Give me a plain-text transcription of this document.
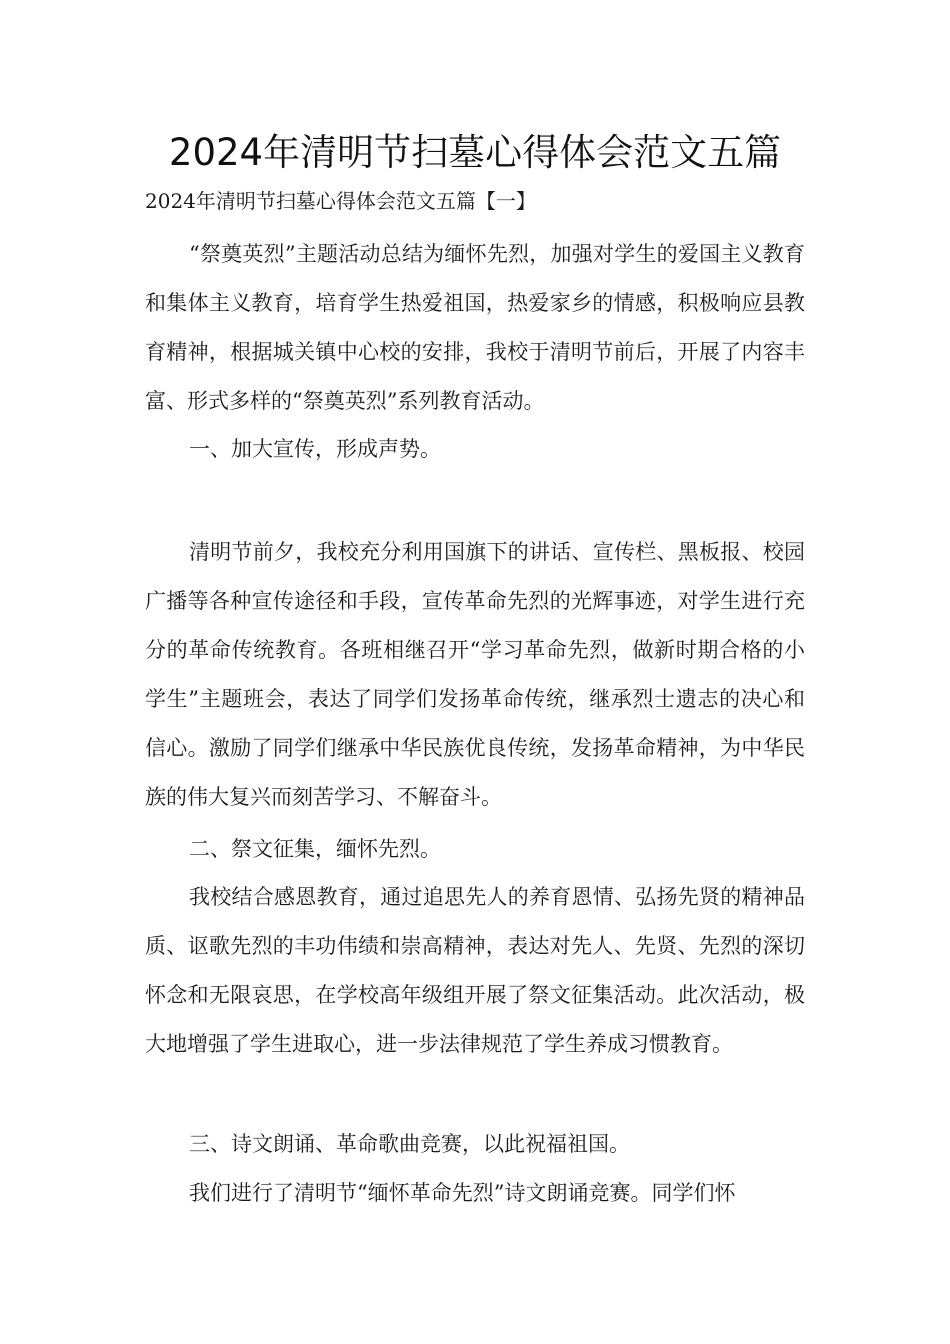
2024年清明节扫墓心得体会范文五篇

2024年清明节扫墓心得体会范文五篇【一】

“祭奠英烈”主题活动总结为缅怀先烈，加强对学生的爱国主义教育和集体主义教育，培育学生热爱祖国，热爱家乡的情感，积极响应县教育精神，根据城关镇中心校的安排，我校于清明节前后，开展了内容丰富、形式多样的“祭奠英烈”系列教育活动。

一、加大宣传，形成声势。

清明节前夕，我校充分利用国旗下的讲话、宣传栏、黑板报、校园广播等各种宣传途径和手段，宣传革命先烈的光辉事迹，对学生进行充分的革命传统教育。各班相继召开“学习革命先烈，做新时期合格的小学生”主题班会，表达了同学们发扬革命传统，继承烈士遗志的决心和信心。激励了同学们继承中华民族优良传统，发扬革命精神，为中华民族的伟大复兴而刻苦学习、不解奋斗。

二、祭文征集，缅怀先烈。

我校结合感恩教育，通过追思先人的养育恩情、弘扬先贤的精神品质、讴歌先烈的丰功伟绩和崇高精神，表达对先人、先贤、先烈的深切怀念和无限哀思，在学校高年级组开展了祭文征集活动。此次活动，极大地增强了学生进取心，进一步法律规范了学生养成习惯教育。

三、诗文朗诵、革命歌曲竞赛，以此祝福祖国。

我们进行了清明节“缅怀革命先烈”诗文朗诵竞赛。同学们怀
